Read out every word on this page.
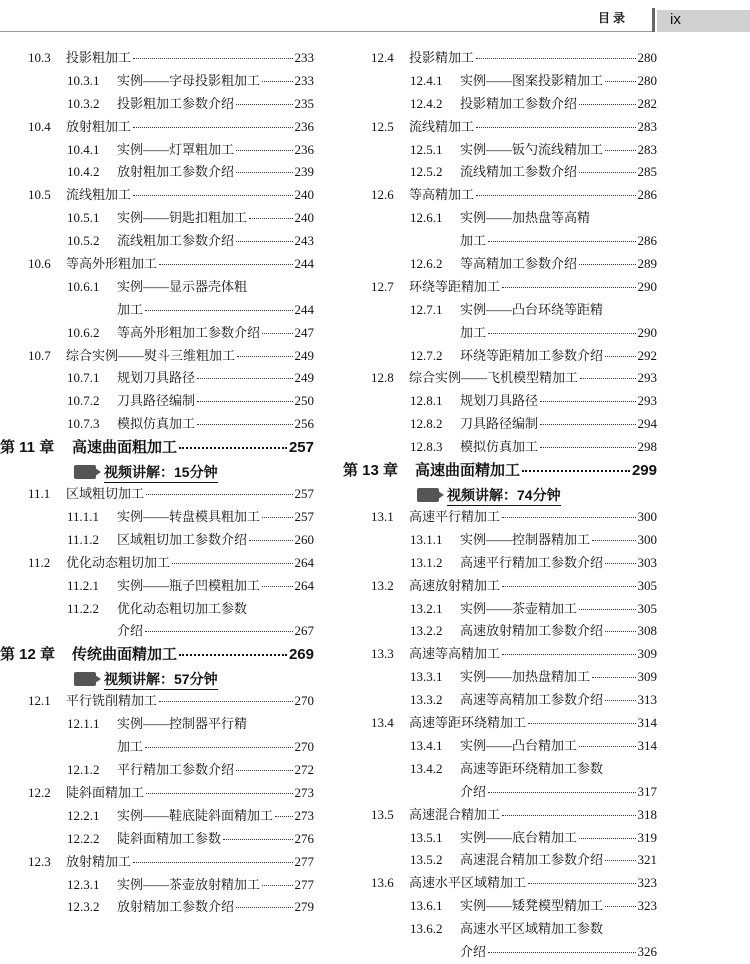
目录	ix
10.3	投影粗加工	233
10.3.1	实例——字母投影粗加工	233
10.3.2	投影粗加工参数介绍	235
10.4	放射粗加工	236
10.4.1	实例——灯罩粗加工	236
10.4.2	放射粗加工参数介绍	239
10.5	流线粗加工	240
10.5.1	实例——钥匙扣粗加工	240
10.5.2	流线粗加工参数介绍	243
10.6	等高外形粗加工	244
10.6.1	实例——显示器壳体粗
加工	244
10.6.2	等高外形粗加工参数介绍	247
10.7	综合实例——熨斗三维粗加工	249
10.7.1	规划刀具路径	249
10.7.2	刀具路径编制	250
10.7.3	模拟仿真加工	256
第 11 章	高速曲面粗加工	257
视频讲解：15分钟
11.1	区域粗切加工	257
11.1.1	实例——转盘模具粗加工	257
11.1.2	区域粗切加工参数介绍	260
11.2	优化动态粗切加工	264
11.2.1	实例——瓶子凹模粗加工	264
11.2.2	优化动态粗切加工参数
介绍	267
第 12 章	传统曲面精加工	269
视频讲解：57分钟
12.1	平行铣削精加工	270
12.1.1	实例——控制器平行精
加工	270
12.1.2	平行精加工参数介绍	272
12.2	陡斜面精加工	273
12.2.1	实例——鞋底陡斜面精加工 273
12.2.2	陡斜面精加工参数	276
12.3	放射精加工	277
12.3.1	实例——茶壶放射精加工	277
12.3.2	放射精加工参数介绍	279
12.4	投影精加工	280
12.4.1	实例——图案投影精加工	280
12.4.2	投影精加工参数介绍	282
12.5	流线精加工	283
12.5.1	实例——钣勺流线精加工	283
12.5.2	流线精加工参数介绍	285
12.6	等高精加工	286
12.6.1	实例——加热盘等高精
加工	286
12.6.2	等高精加工参数介绍	289
12.7	环绕等距精加工	290
12.7.1	实例——凸台环绕等距精
加工	290
12.7.2	环绕等距精加工参数介绍	292
12.8	综合实例——飞机模型精加工	293
12.8.1	规划刀具路径	293
12.8.2	刀具路径编制	294
12.8.3	模拟仿真加工	298
第 13 章	高速曲面精加工	299
视频讲解：74分钟
13.1	高速平行精加工	300
13.1.1	实例——控制器精加工	300
13.1.2	高速平行精加工参数介绍	303
13.2	高速放射精加工	305
13.2.1	实例——茶壶精加工	305
13.2.2	高速放射精加工参数介绍	308
13.3	高速等高精加工	309
13.3.1	实例——加热盘精加工	309
13.3.2	高速等高精加工参数介绍	313
13.4	高速等距环绕精加工	314
13.4.1	实例——凸台精加工	314
13.4.2	高速等距环绕精加工参数
介绍	317
13.5	高速混合精加工	318
13.5.1	实例——底台精加工	319
13.5.2	高速混合精加工参数介绍	321
13.6	高速水平区域精加工	323
13.6.1	实例——矮凳模型精加工	323
13.6.2	高速水平区域精加工参数
介绍	326
